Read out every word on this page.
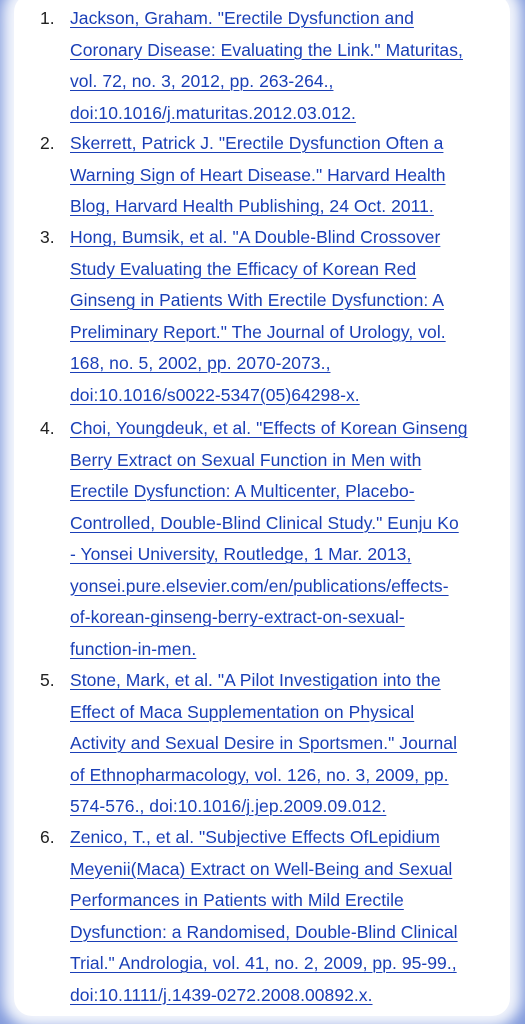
1. Jackson, Graham. "Erectile Dysfunction and
Coronary Disease: Evaluating the Link." Maturitas,
vol. 72, no. 3, 2012, pp. 263-264.,
doi:10.1016/j.maturitas.2012.03.012.
2. Skerrett, Patrick J. "Erectile Dysfunction Often a
Warning Sign of Heart Disease." Harvard Health
Blog, Harvard Health Publishing, 24 Oct. 2011.
3. Hong, Bumsik, et al. "A Double-Blind Crossover
Study Evaluating the Efficacy of Korean Red
Ginseng in Patients With Erectile Dysfunction: A
Preliminary Report." The Journal of Urology, vol.
168, no. 5, 2002, pp. 2070-2073.,
doi:10.1016/s0022-5347(05)64298-x.
4. Choi, Youngdeuk, et al. "Effects of Korean Ginseng
Berry Extract on Sexual Function in Men with
Erectile Dysfunction: A Multicenter, Placebo-
Controlled, Double-Blind Clinical Study." Eunju Ko
- Yonsei University, Routledge, 1 Mar. 2013,
yonsei.pure.elsevier.com/en/publications/effects-
of-korean-ginseng-berry-extract-on-sexual-
function-in-men.
5. Stone, Mark, et al. "A Pilot Investigation into the
Effect of Maca Supplementation on Physical
Activity and Sexual Desire in Sportsmen." Journal
of Ethnopharmacology, vol. 126, no. 3, 2009, pp.
574-576., doi:10.1016/j.jep.2009.09.012.
6. Zenico, T., et al. "Subjective Effects OfLepidium
Meyenii(Maca) Extract on Well-Being and Sexual
Performances in Patients with Mild Erectile
Dysfunction: a Randomised, Double-Blind Clinical
Trial." Andrologia, vol. 41, no. 2, 2009, pp. 95-99.,
doi:10.1111/j.1439-0272.2008.00892.x.
